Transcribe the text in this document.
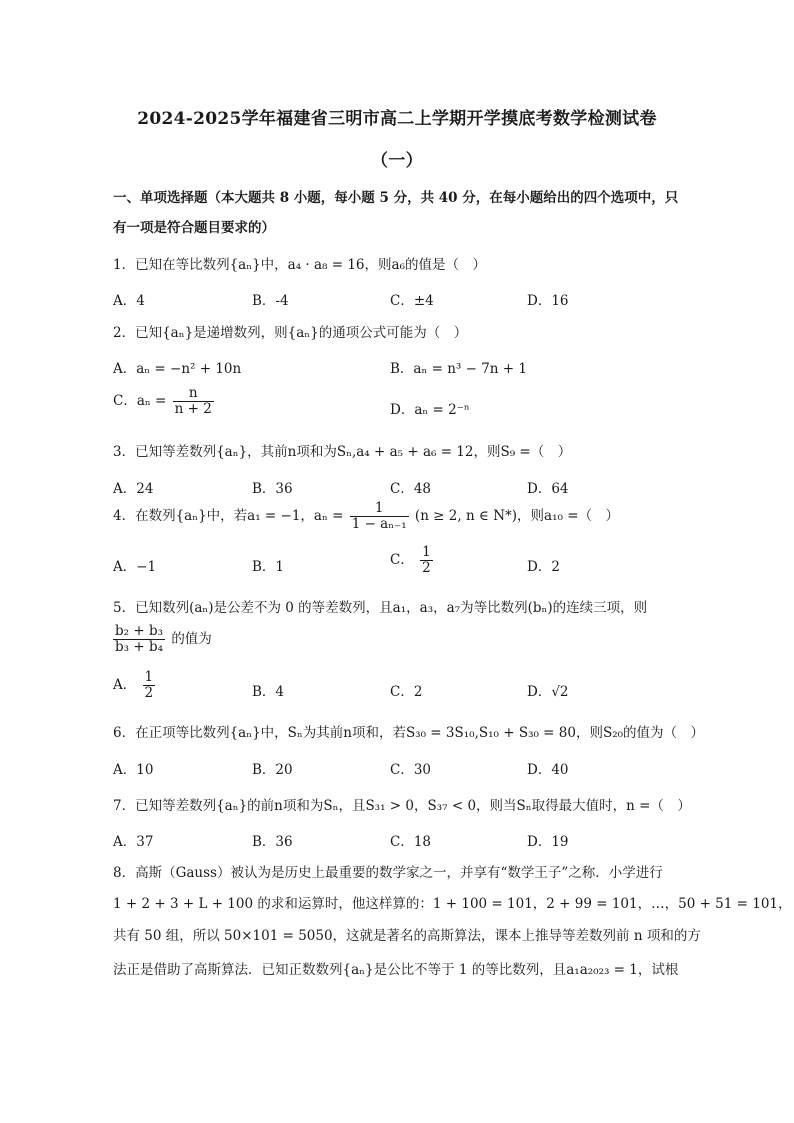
2024-2025学年福建省三明市高二上学期开学摸底考数学检测试卷
（一）
一、单项选择题（本大题共 8 小题，每小题 5 分，共 40 分，在每小题给出的四个选项中，只
有一项是符合题目要求的）
1．已知在等比数列{aₙ}中，a₄ · a₈ = 16，则a₆的值是（　）
A．4	B．-4	C．±4	D．16
2．已知{aₙ}是递增数列，则{aₙ}的通项公式可能为（　）
A．aₙ = −n² + 10n	B．aₙ = n³ − 7n + 1
C．$a_n = \frac{n}{n + 2}$	D．aₙ = 2⁻ⁿ
3．已知等差数列{aₙ}，其前n项和为Sₙ,a₄ + a₅ + a₆ = 12，则S₉ =（　）
A．24	B．36	C．48	D．64
4．在数列{aₙ}中，若a₁ = −1，$a_n = \frac{1}{\text{1 − aₙ₋₁}} (n \ge 2$, n ∈ N*)，则a₁₀ =（　）
A．−1	B．1	C． $\frac{1}{2}$	D．2
5．已知数列(aₙ)是公差不为 0 的等差数列，且a₁，a₃，a₇为等比数列(bₙ)的连续三项，则
$\frac{\text{b₂ + b₃}}{\text{b₃ + b₄}}$ 的值为
A． $\frac{1}{2}$	B．4	C．2	D．√2
6．在正项等比数列{aₙ}中，Sₙ为其前n项和，若S₃₀ = 3S₁₀,S₁₀ + S₃₀ = 80，则S₂₀的值为（　）
A．10	B．20	C．30	D．40
7．已知等差数列{aₙ}的前n项和为Sₙ，且S₃₁ > 0，S₃₇ < 0，则当Sₙ取得最大值时，n =（　）
A．37	B．36	C．18	D．19
8．高斯（Gauss）被认为是历史上最重要的数学家之一，并享有“数学王子”之称．小学进行
1 + 2 + 3 + L + 100 的求和运算时，他这样算的：1 + 100 = 101，2 + 99 = 101，…，50 + 51 = 101，
共有 50 组，所以 50×101 = 5050，这就是著名的高斯算法，课本上推导等差数列前 n 项和的方
法正是借助了高斯算法．已知正数数列{aₙ}是公比不等于 1 的等比数列，且a₁a₂₀₂₃ = 1，试根
